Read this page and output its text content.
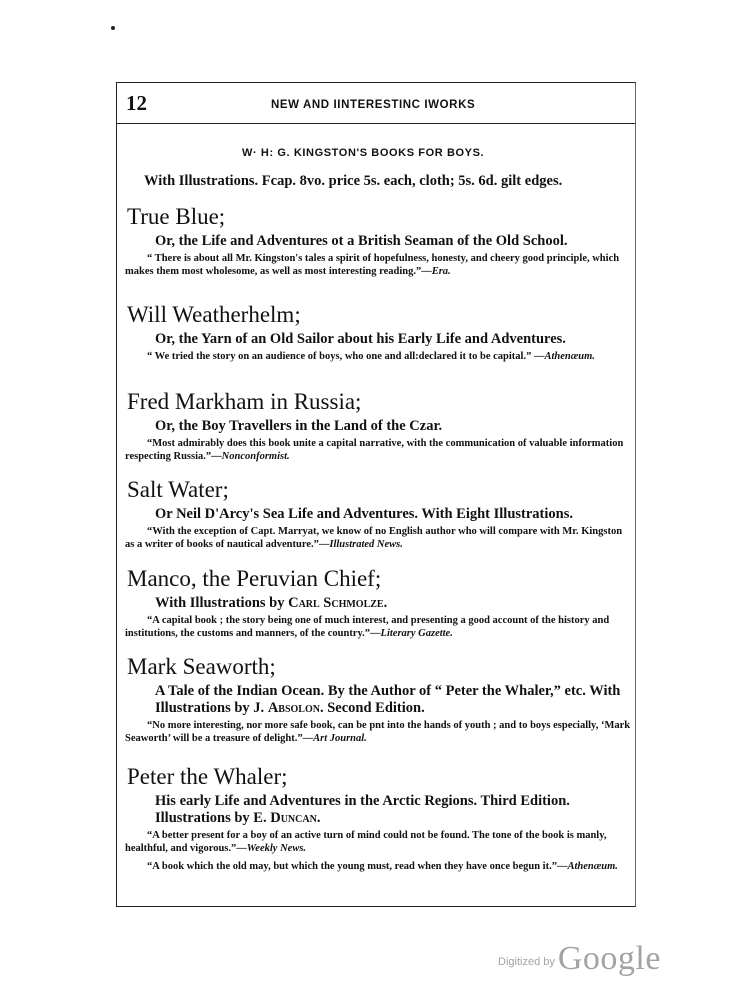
12	NEW AND IINTERESTINC IWORKS
W· H: G. KINGSTON'S BOOKS FOR BOYS.
With Illustrations. Fcap. 8vo. price 5s. each, cloth; 5s. 6d. gilt edges.
True Blue;
Or, the Life and Adventures ot a British Seaman of the Old School.
“ There is about all Mr. Kingston's tales a spirit of hopefulness, honesty, and cheery good principle, which makes them most wholesome, as well as most interesting reading.”—Era.
Will Weatherhelm;
Or, the Yarn of an Old Sailor about his Early Life and Adventures.
“ We tried the story on an audience of boys, who one and all:declared it to be capital.” —Athenæum.
Fred Markham in Russia;
Or, the Boy Travellers in the Land of the Czar.
“Most admirably does this book unite a capital narrative, with the communication of valuable information respecting Russia.”—Nonconformist.
Salt Water;
Or Neil D'Arcy's Sea Life and Adventures. With Eight Illustrations.
“With the exception of Capt. Marryat, we know of no English author who will compare with Mr. Kingston as a writer of books of nautical adventure.”—Illustrated News.
Manco, the Peruvian Chief;
With Illustrations by Carl Schmolze.
“A capital book ; the story being one of much interest, and presenting a good account of the history and institutions, the customs and manners, of the country.”—Literary Gazette.
Mark Seaworth;
A Tale of the Indian Ocean. By the Author of “ Peter the Whaler,” etc. With Illustrations by J. Absolon. Second Edition.
“No more interesting, nor more safe book, can be pnt into the hands of youth ; and to boys especially, ‘Mark Seaworth’ will be a treasure of delight.”—Art Journal.
Peter the Whaler;
His early Life and Adventures in the Arctic Regions. Third Edition. Illustrations by E. Duncan.
“A better present for a boy of an active turn of mind could not be found. The tone of the book is manly, healthful, and vigorous.”—Weekly News.
“A book which the old may, but which the young must, read when they have once begun it.”—Athenæum.
$^{Digitized by}$Google
